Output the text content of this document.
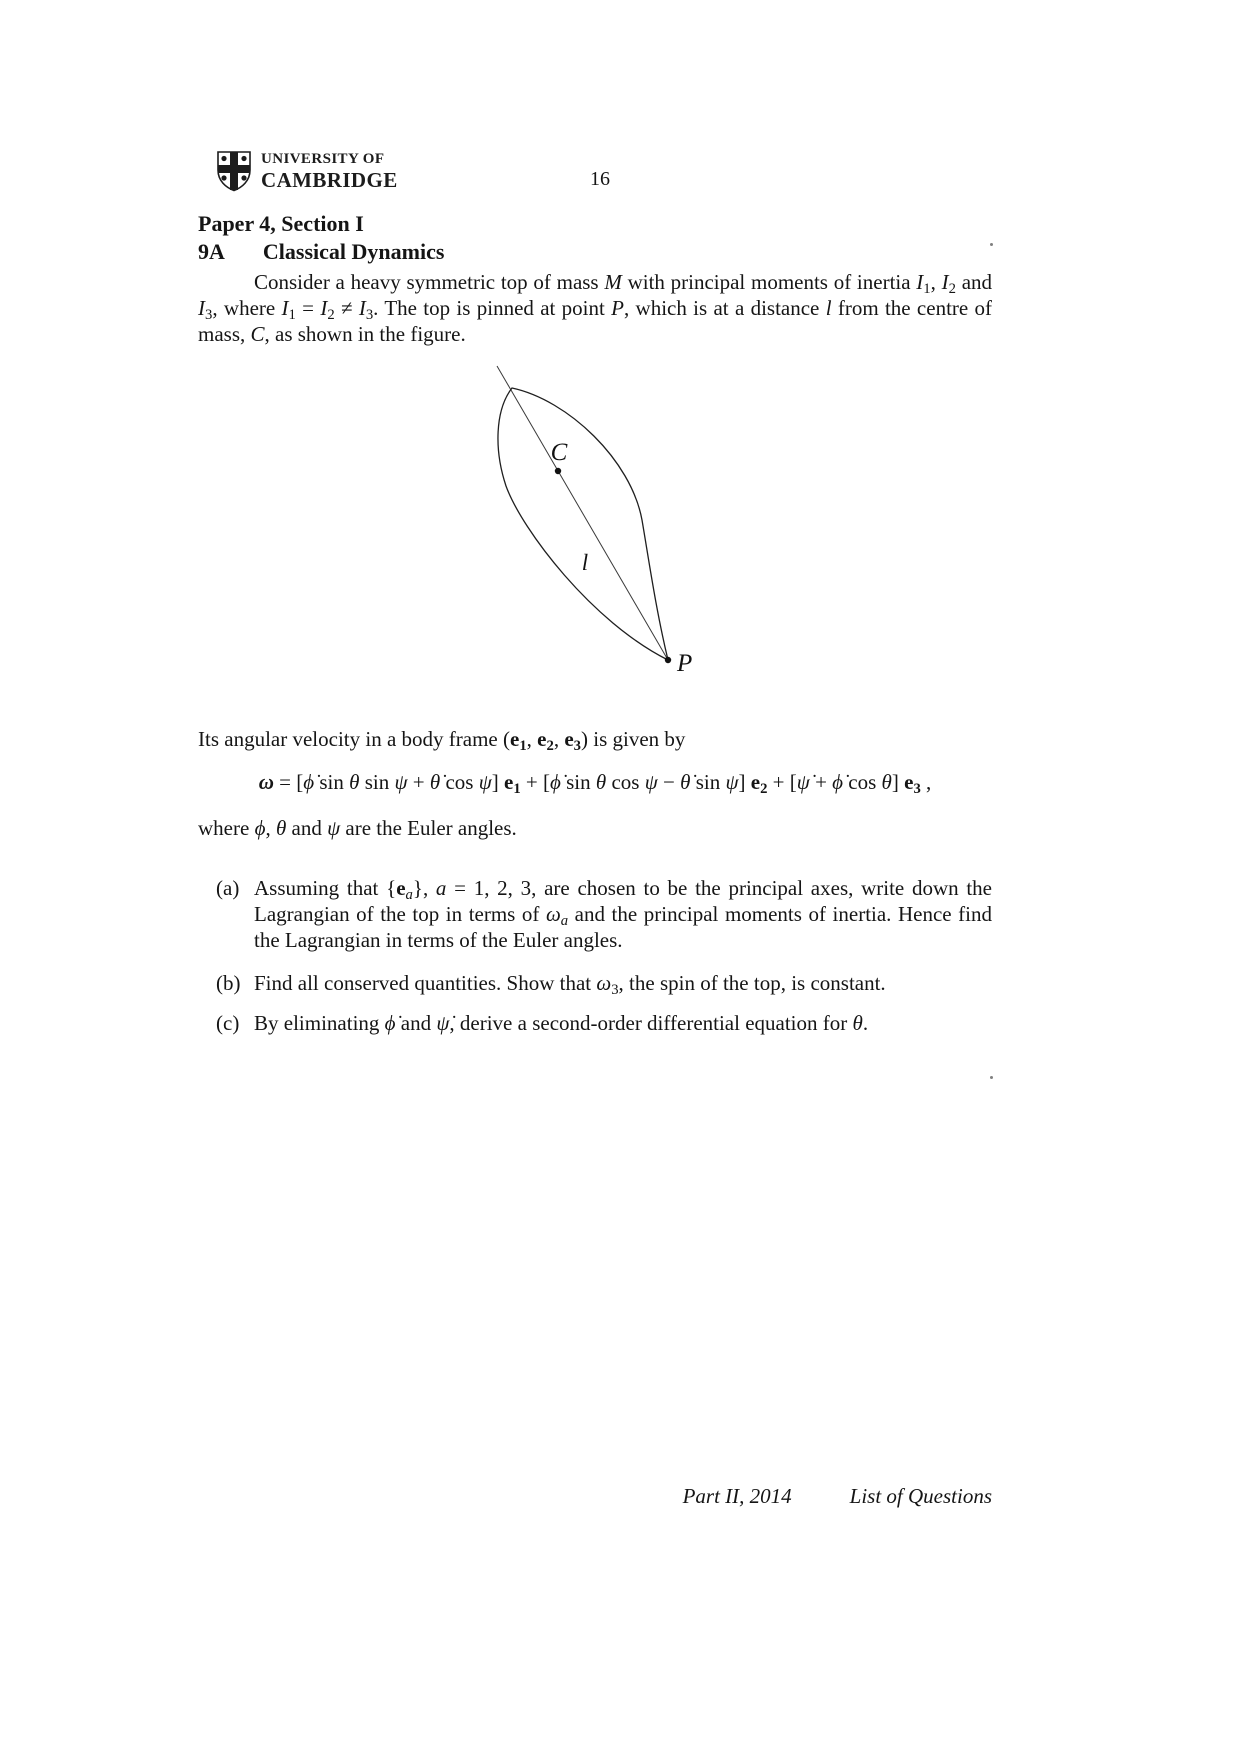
UNIVERSITY OF
CAMBRIDGE	16
Paper 4, Section I
9A Classical Dynamics

Consider a heavy symmetric top of mass M with principal moments of inertia I1, I2 and I3, where I1 = I2 ≠ I3. The top is pinned at point P, which is at a distance l from the centre of mass, C, as shown in the figure.

C
l
P

Its angular velocity in a body frame (e1, e2, e3) is given by

ω = [ϕ̇ sin θ sin ψ + θ̇ cos ψ] e1 + [ϕ̇ sin θ cos ψ − θ̇ sin ψ] e2 + [ψ̇ + ϕ̇ cos θ] e3 ,

where ϕ, θ and ψ are the Euler angles.

(a) Assuming that {ea}, a = 1, 2, 3, are chosen to be the principal axes, write down the Lagrangian of the top in terms of ωa and the principal moments of inertia. Hence find the Lagrangian in terms of the Euler angles.

(b) Find all conserved quantities. Show that ω3, the spin of the top, is constant.

(c) By eliminating ϕ̇ and ψ̇, derive a second-order differential equation for θ.

Part II, 2014	List of Questions
